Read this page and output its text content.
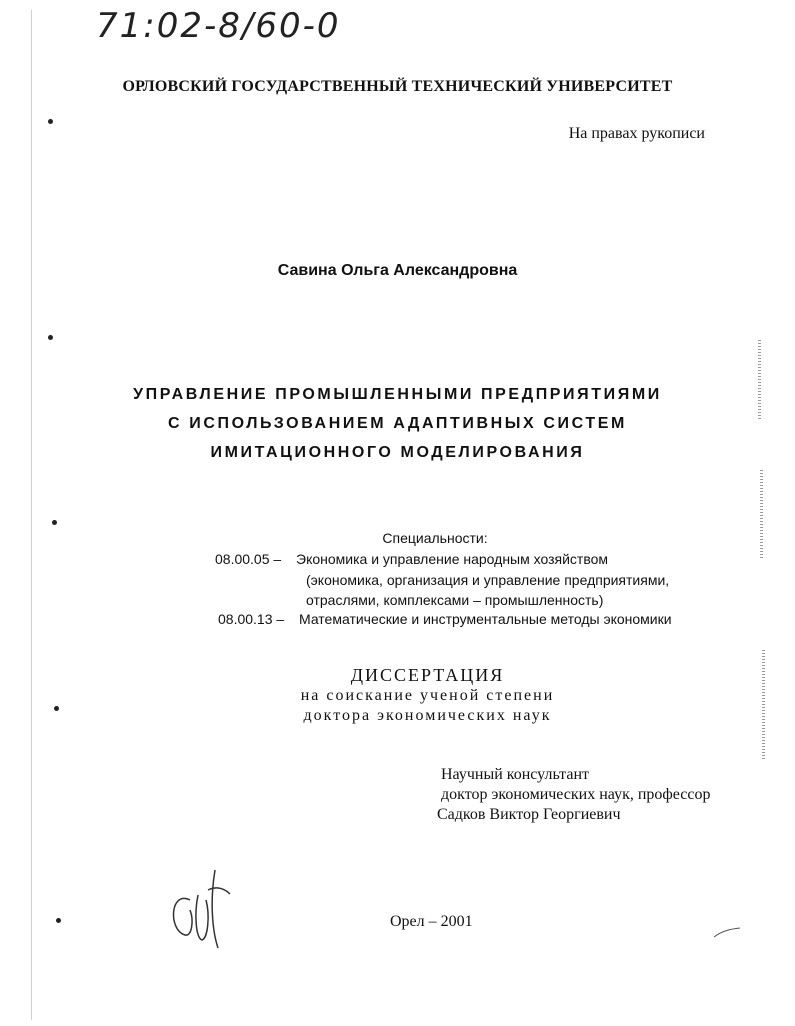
71:02-8/60-0
ОРЛОВСКИЙ ГОСУДАРСТВЕННЫЙ ТЕХНИЧЕСКИЙ УНИВЕРСИТЕТ
На правах рукописи
Савина Ольга Александровна
УПРАВЛЕНИЕ ПРОМЫШЛЕННЫМИ ПРЕДПРИЯТИЯМИ
С ИСПОЛЬЗОВАНИЕМ АДАПТИВНЫХ СИСТЕМ
ИМИТАЦИОННОГО МОДЕЛИРОВАНИЯ
Специальности:
08.00.05 – Экономика и управление народным хозяйством
(экономика, организация и управление предприятиями,
отраслями, комплексами – промышленность)
08.00.13 – Математические и инструментальные методы экономики
ДИССЕРТАЦИЯ
на соискание ученой степени
доктора экономических наук
Научный консультант
доктор экономических наук, профессор
Садков Виктор Георгиевич
Орел – 2001
